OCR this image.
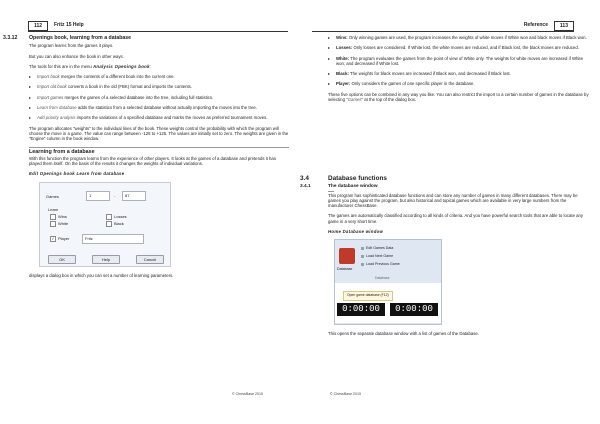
112	Fritz 15 Help
3.3.12 Openings book, learning from a database

The program learns from the games it plays.

But you can also enhance the book in other ways.

The tools for this are in the menu Analysis Openings book:

▸ Import book merges the contents of a different book into the current one.
▸ Import old book converts a book in the old (FBK) format and imports the contents.
▸ Import games merges the games of a selected database into the tree, including full statistics.
▸ Learn from database adds the statistics from a selected database without actually importing the moves into the tree.
▸ Add priority analysis imports the variations of a specified database and marks the moves as preferred tournament moves.

The program allocates "weights" to the individual lines of the book. These weights control the probability with which the program will choose the move in a game. The value can range between -125 to +125. The values are initially set to zero. The weights are given in the "Engine" column in the book window.

Learning from a database

With this function the program learns from the experience of other players. It looks at the games of a database and pretends it has played them itself. On the basis of the results it changes the weights of individual variations.

Edit Openings book Learn from database

Games	1	- 87
Learn
Wins	Losses
White	Black
✓ Player	Fritz
OK	Help	Cancel

displays a dialog box in which you can set a number of learning parameters.

© ChessBase 2015
Reference	113
▸ Wins: Only winning games are used, the program increases the weights of white moves if White won and black moves if Black won.
▸ Losses: Only losses are considered. If White lost, the white moves are reduced, and if Black lost, the black moves are reduced.
▸ White: The program evaluates the games from the point of view of White only. The weights for white moves are increased if White won, and decreased if White lost.
▸ Black: The weights for black moves are increased if Black won, and decreased if Black lost.
▸ Player: Only considers the games of one specific player in the database.

These five options can be combined in any way you like. You can also restrict the import to a certain number of games in the database by selecting "Games" at the top of the dialog box.

3.4	Database functions
3.4.1	The database window

This program has sophisticated database functions and can store any number of games in many different databases. There may be games you play against the program, but also historical and topical games which are available in very large numbers from the manufacturer ChessBase.

The games are automatically classified according to all kinds of criteria. And you have powerful search tools that are able to locate any game in a very short time.

Home Database window

Database
Edit Games Data
Load Next Game
Load Previous Game
Database
Open game database (F12)
0:00:00	0:00:00

This opens the separate database window with a list of games of the Database.

© ChessBase 2015
